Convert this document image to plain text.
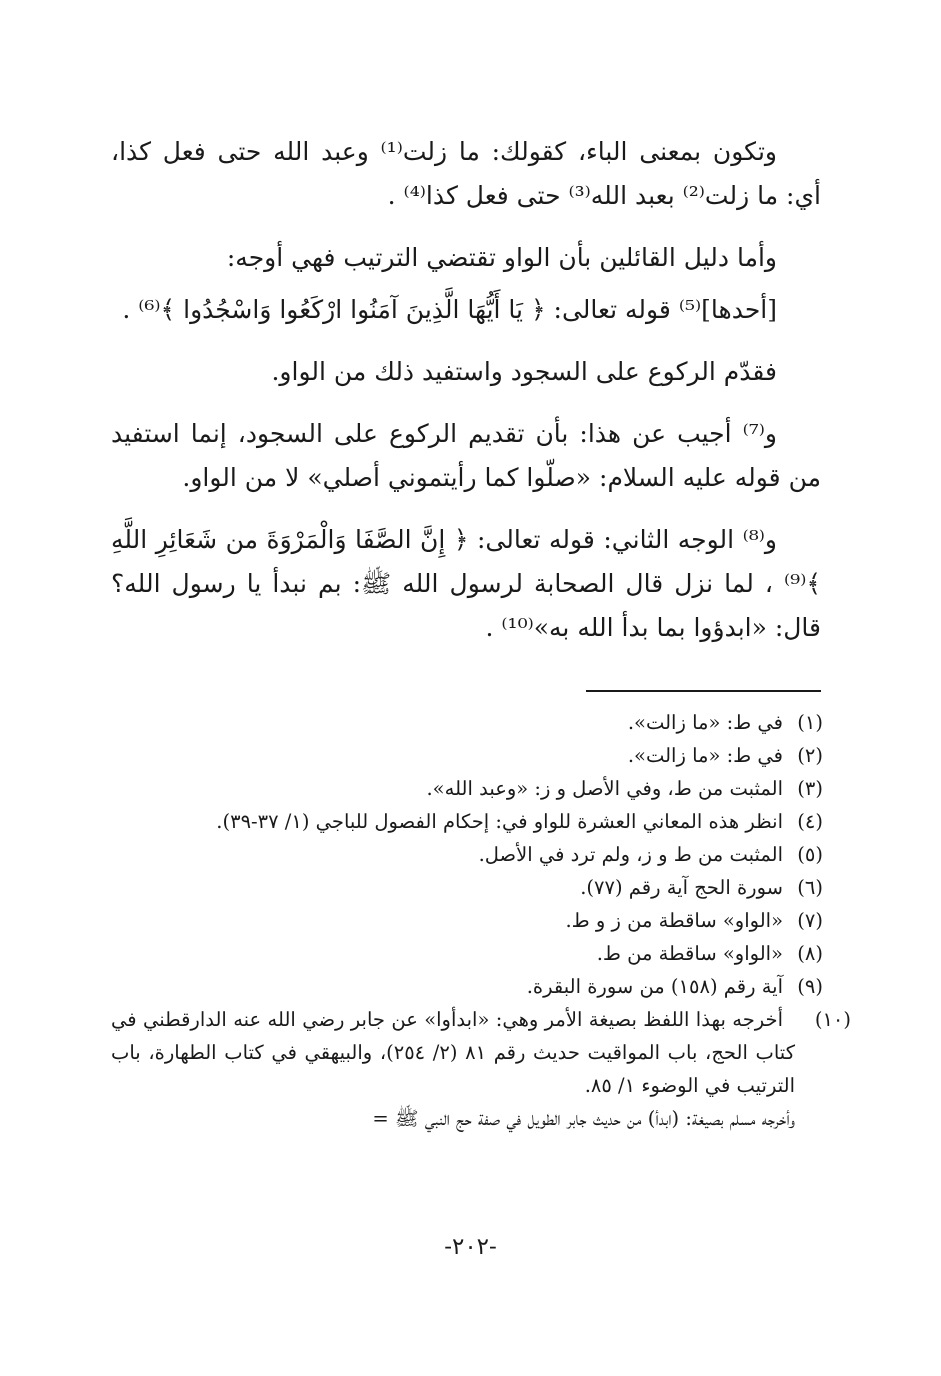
وتكون بمعنى الباء، كقولك: ما زلت⁽¹⁾ وعبد الله حتى فعل كذا، أي: ما زلت⁽²⁾ بعبد الله⁽³⁾ حتى فعل كذا⁽⁴⁾ .

وأما دليل القائلين بأن الواو تقتضي الترتيب فهي أوجه:

[أحدها]⁽⁵⁾ قوله تعالى: ﴿ يَا أَيُّهَا الَّذِينَ آمَنُوا ارْكَعُوا وَاسْجُدُوا ﴾⁽⁶⁾ .

فقدّم الركوع على السجود واستفيد ذلك من الواو.

و⁽⁷⁾ أجيب عن هذا: بأن تقديم الركوع على السجود، إنما استفيد من قوله عليه السلام: «صلّوا كما رأيتموني أصلي» لا من الواو.

و⁽⁸⁾ الوجه الثاني: قوله تعالى: ﴿ إِنَّ الصَّفَا وَالْمَرْوَةَ من شَعَائِرِ اللَّهِ ﴾⁽⁹⁾ ، لما نزل قال الصحابة لرسول الله ﷺ: بم نبدأ يا رسول الله؟ قال: «ابدؤوا بما بدأ الله به»⁽¹⁰⁾ .

(١)في ط: «ما زالت».

(٢)في ط: «ما زالت».

(٣)المثبت من ط، وفي الأصل و ز: «وعبد الله».

(٤)انظر هذه المعاني العشرة للواو في: إحكام الفصول للباجي (١/ ٣٧-٣٩).

(٥)المثبت من ط و ز، ولم ترد في الأصل.

(٦)سورة الحج آية رقم (٧٧).

(٧)«الواو» ساقطة من ز و ط.

(٨)«الواو» ساقطة من ط.

(٩)آية رقم (١٥٨) من سورة البقرة.

(١٠)أخرجه بهذا اللفظ بصيغة الأمر وهي: «ابدأوا» عن جابر رضي الله عنه الدارقطني في كتاب الحج، باب المواقيت حديث رقم ٨١ (٢/ ٢٥٤)، والبيهقي في كتاب الطهارة، باب الترتيب في الوضوء ١/ ٨٥.

وأخرجه مسلم بصيغة: (ابدأ) من حديث جابر الطويل في صفة حج النبي ﷺ =

-٢٠٢-
